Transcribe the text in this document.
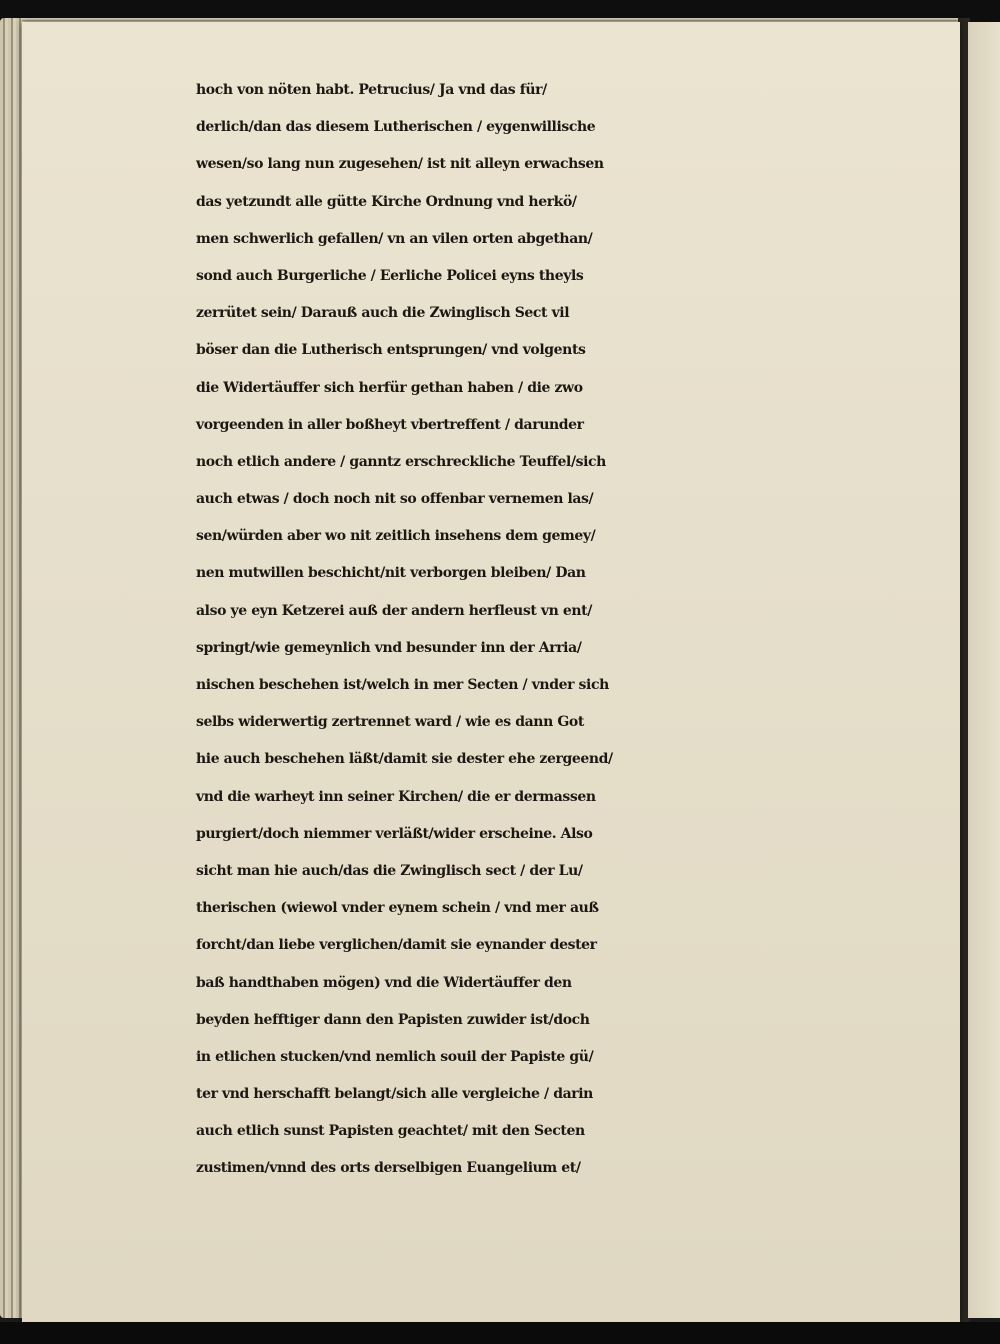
hoch von nöten habt. Petrucius/ Ja vnd das für/
derlich/dan das diesem Lutherischen / eygenwillische
wesen/so lang nun zugesehen/ ist nit alleyn erwachsen
das yetzundt alle gütte Kirche Ordnung vnd herkö/
men schwerlich gefallen/ vn an vilen orten abgethan/
sond auch Burgerliche / Eerliche Policei eyns theyls
zerrütet sein/ Darauß auch die Zwinglisch Sect vil
böser dan die Lutherisch entsprungen/ vnd volgents
die Widertäuffer sich herfür gethan haben / die zwo
vorgeenden in aller boßheyt vbertreffent / darunder
noch etlich andere / ganntz erschreckliche Teuffel/sich
auch etwas / doch noch nit so offenbar vernemen las/
sen/würden aber wo nit zeitlich insehens dem gemey/
nen mutwillen beschicht/nit verborgen bleiben/ Dan
also ye eyn Ketzerei auß der andern herfleust vn ent/
springt/wie gemeynlich vnd besunder inn der Arria/
nischen beschehen ist/welch in mer Secten / vnder sich
selbs widerwertig zertrennet ward / wie es dann Got
hie auch beschehen läßt/damit sie dester ehe zergeend/
vnd die warheyt inn seiner Kirchen/ die er dermassen
purgiert/doch niemmer verläßt/wider erscheine. Also
sicht man hie auch/das die Zwinglisch sect / der Lu/
therischen (wiewol vnder eynem schein / vnd mer auß
forcht/dan liebe verglichen/damit sie eynander dester
baß handthaben mögen) vnd die Widertäuffer den
beyden hefftiger dann den Papisten zuwider ist/doch
in etlichen stucken/vnd nemlich souil der Papiste gü/
ter vnd herschafft belangt/sich alle vergleiche / darin
auch etlich sunst Papisten geachtet/ mit den Secten
zustimen/vnnd des orts derselbigen Euangelium et/
